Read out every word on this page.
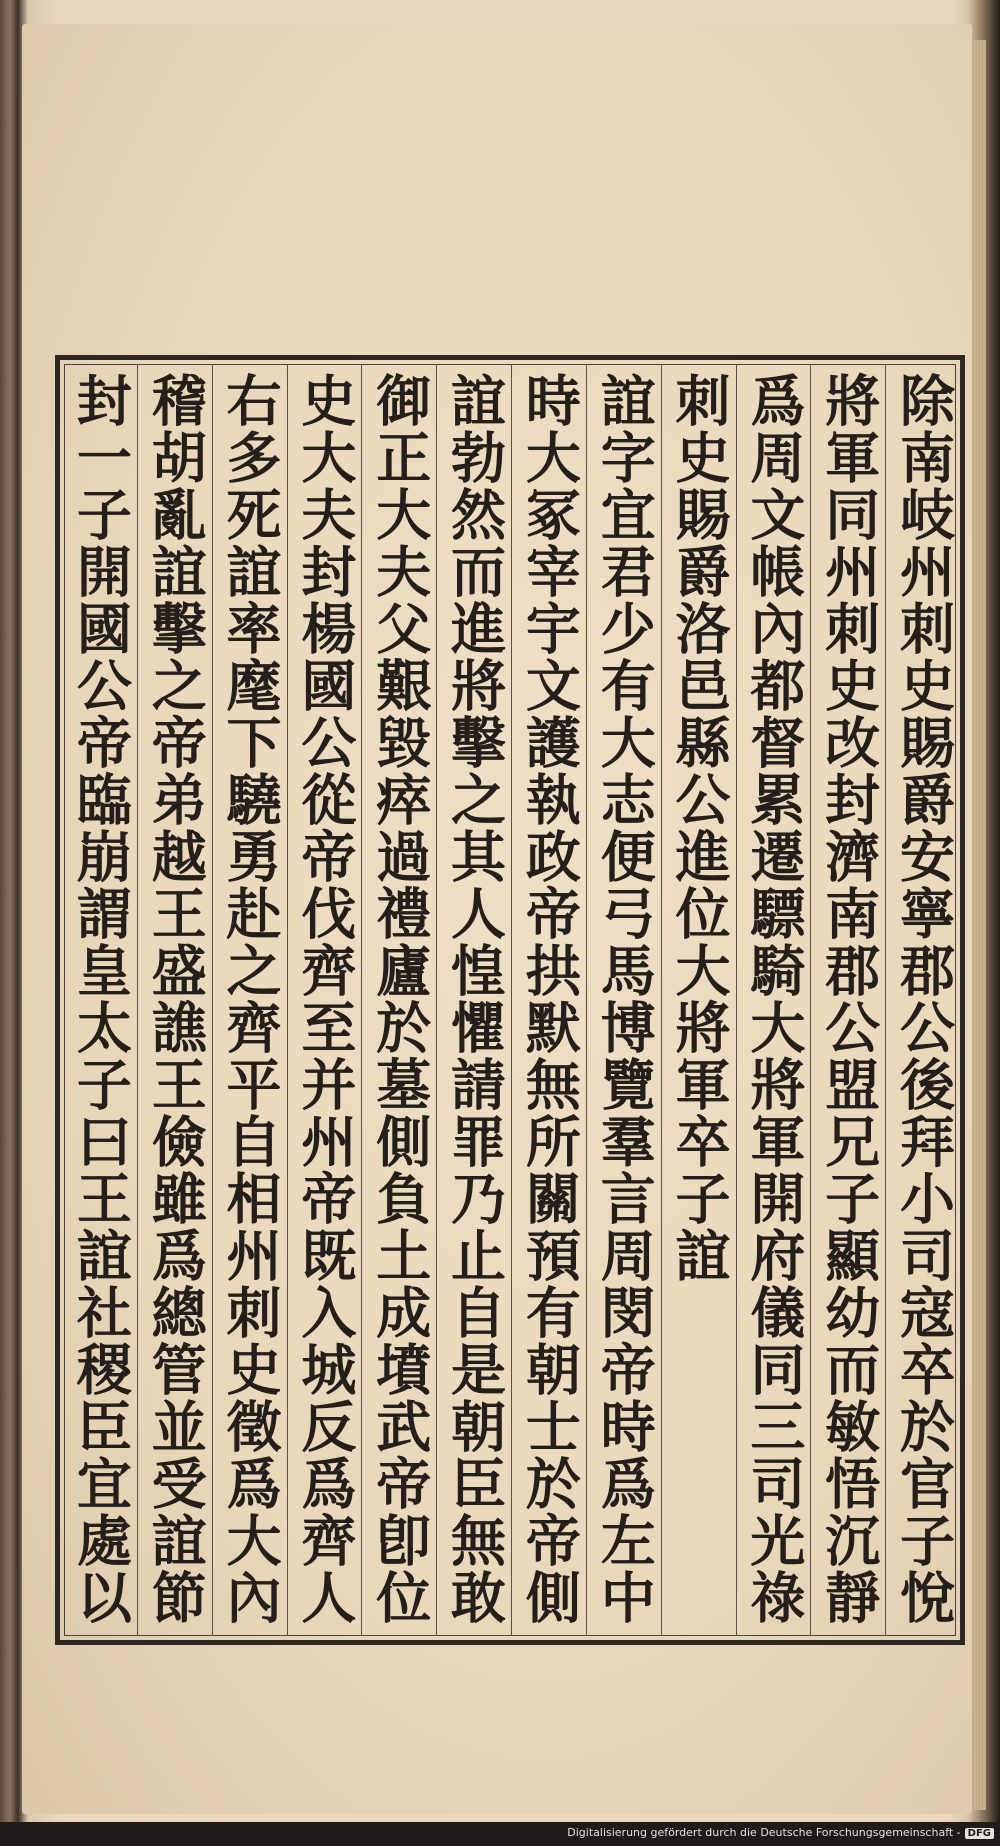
除南岐州刺史賜爵安寧郡公後拜小司寇卒於官子悅
將軍同州刺史改封濟南郡公盟兄子顯幼而敏悟沉靜
爲周文帳內都督累遷驃騎大將軍開府儀同三司光祿
刺史賜爵洛邑縣公進位大將軍卒子誼
誼字宜君少有大志便弓馬博覽羣言周閔帝時爲左中
時大冢宰宇文護執政帝拱默無所關預有朝士於帝側
誼勃然而進將擊之其人惶懼請罪乃止自是朝臣無敢
御正大夫父艱毀瘁過禮廬於墓側負土成墳武帝卽位
史大夫封楊國公從帝伐齊至并州帝既入城反爲齊人
右多死誼率麾下驍勇赴之齊平自相州刺史徵爲大內
稽胡亂誼擊之帝弟越王盛譙王儉雖爲總管並受誼節
封一子開國公帝臨崩謂皇太子曰王誼社稷臣宜處以
Digitalisierung gefördert durch die Deutsche Forschungsgemeinschaft - DFG
